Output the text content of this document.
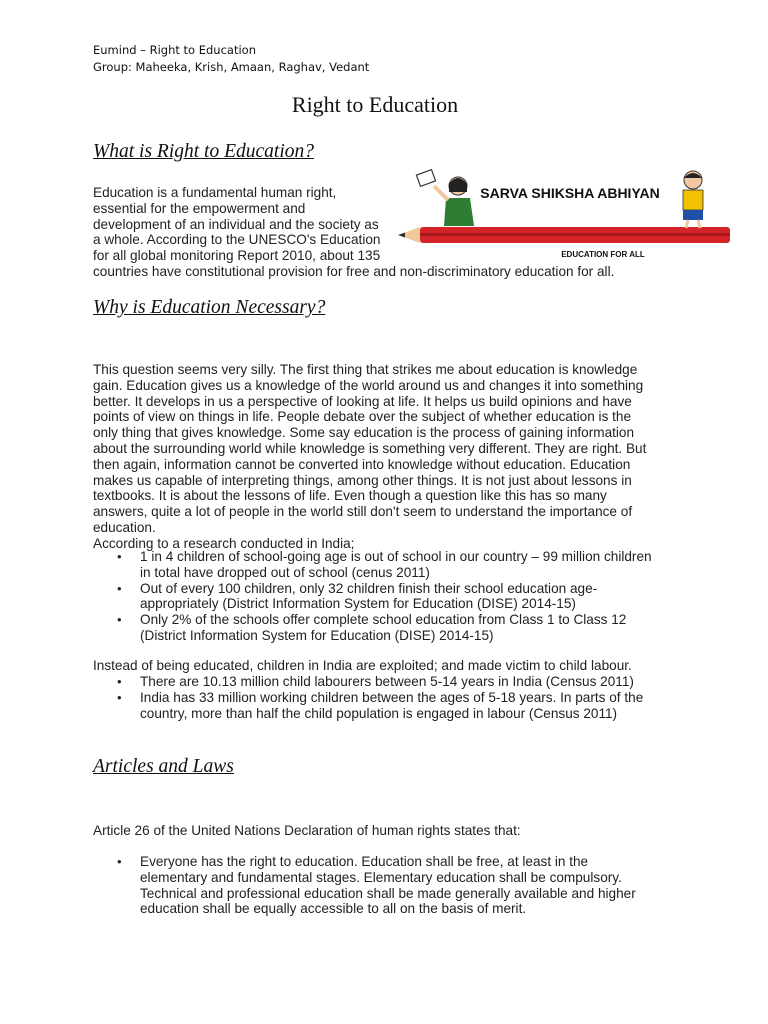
Eumind – Right to Education
Group: Maheeka, Krish, Amaan, Raghav, Vedant
Right to Education
What is Right to Education?
Education is a fundamental human right,
essential for the empowerment and
development of an individual and the society as
a whole. According to the UNESCO's Education
for all global monitoring Report 2010, about 135
countries have constitutional provision for free and non-discriminatory education for all.
SARVA SHIKSHA ABHIYAN
EDUCATION FOR ALL
Why is Education Necessary?
This question seems very silly. The first thing that strikes me about education is knowledge
gain. Education gives us a knowledge of the world around us and changes it into something
better. It develops in us a perspective of looking at life. It helps us build opinions and have
points of view on things in life. People debate over the subject of whether education is the
only thing that gives knowledge. Some say education is the process of gaining information
about the surrounding world while knowledge is something very different. They are right. But
then again, information cannot be converted into knowledge without education. Education
makes us capable of interpreting things, among other things. It is not just about lessons in
textbooks. It is about the lessons of life. Even though a question like this has so many
answers, quite a lot of people in the world still don't seem to understand the importance of
education.
According to a research conducted in India;
• 1 in 4 children of school-going age is out of school in our country – 99 million children
in total have dropped out of school (cenus 2011)
• Out of every 100 children, only 32 children finish their school education age-
appropriately (District Information System for Education (DISE) 2014-15)
• Only 2% of the schools offer complete school education from Class 1 to Class 12
(District Information System for Education (DISE) 2014-15)
Instead of being educated, children in India are exploited; and made victim to child labour.
• There are 10.13 million child labourers between 5-14 years in India (Census 2011)
• India has 33 million working children between the ages of 5-18 years. In parts of the
country, more than half the child population is engaged in labour (Census 2011)
Articles and Laws
Article 26 of the United Nations Declaration of human rights states that:
• Everyone has the right to education. Education shall be free, at least in the
elementary and fundamental stages. Elementary education shall be compulsory.
Technical and professional education shall be made generally available and higher
education shall be equally accessible to all on the basis of merit.
